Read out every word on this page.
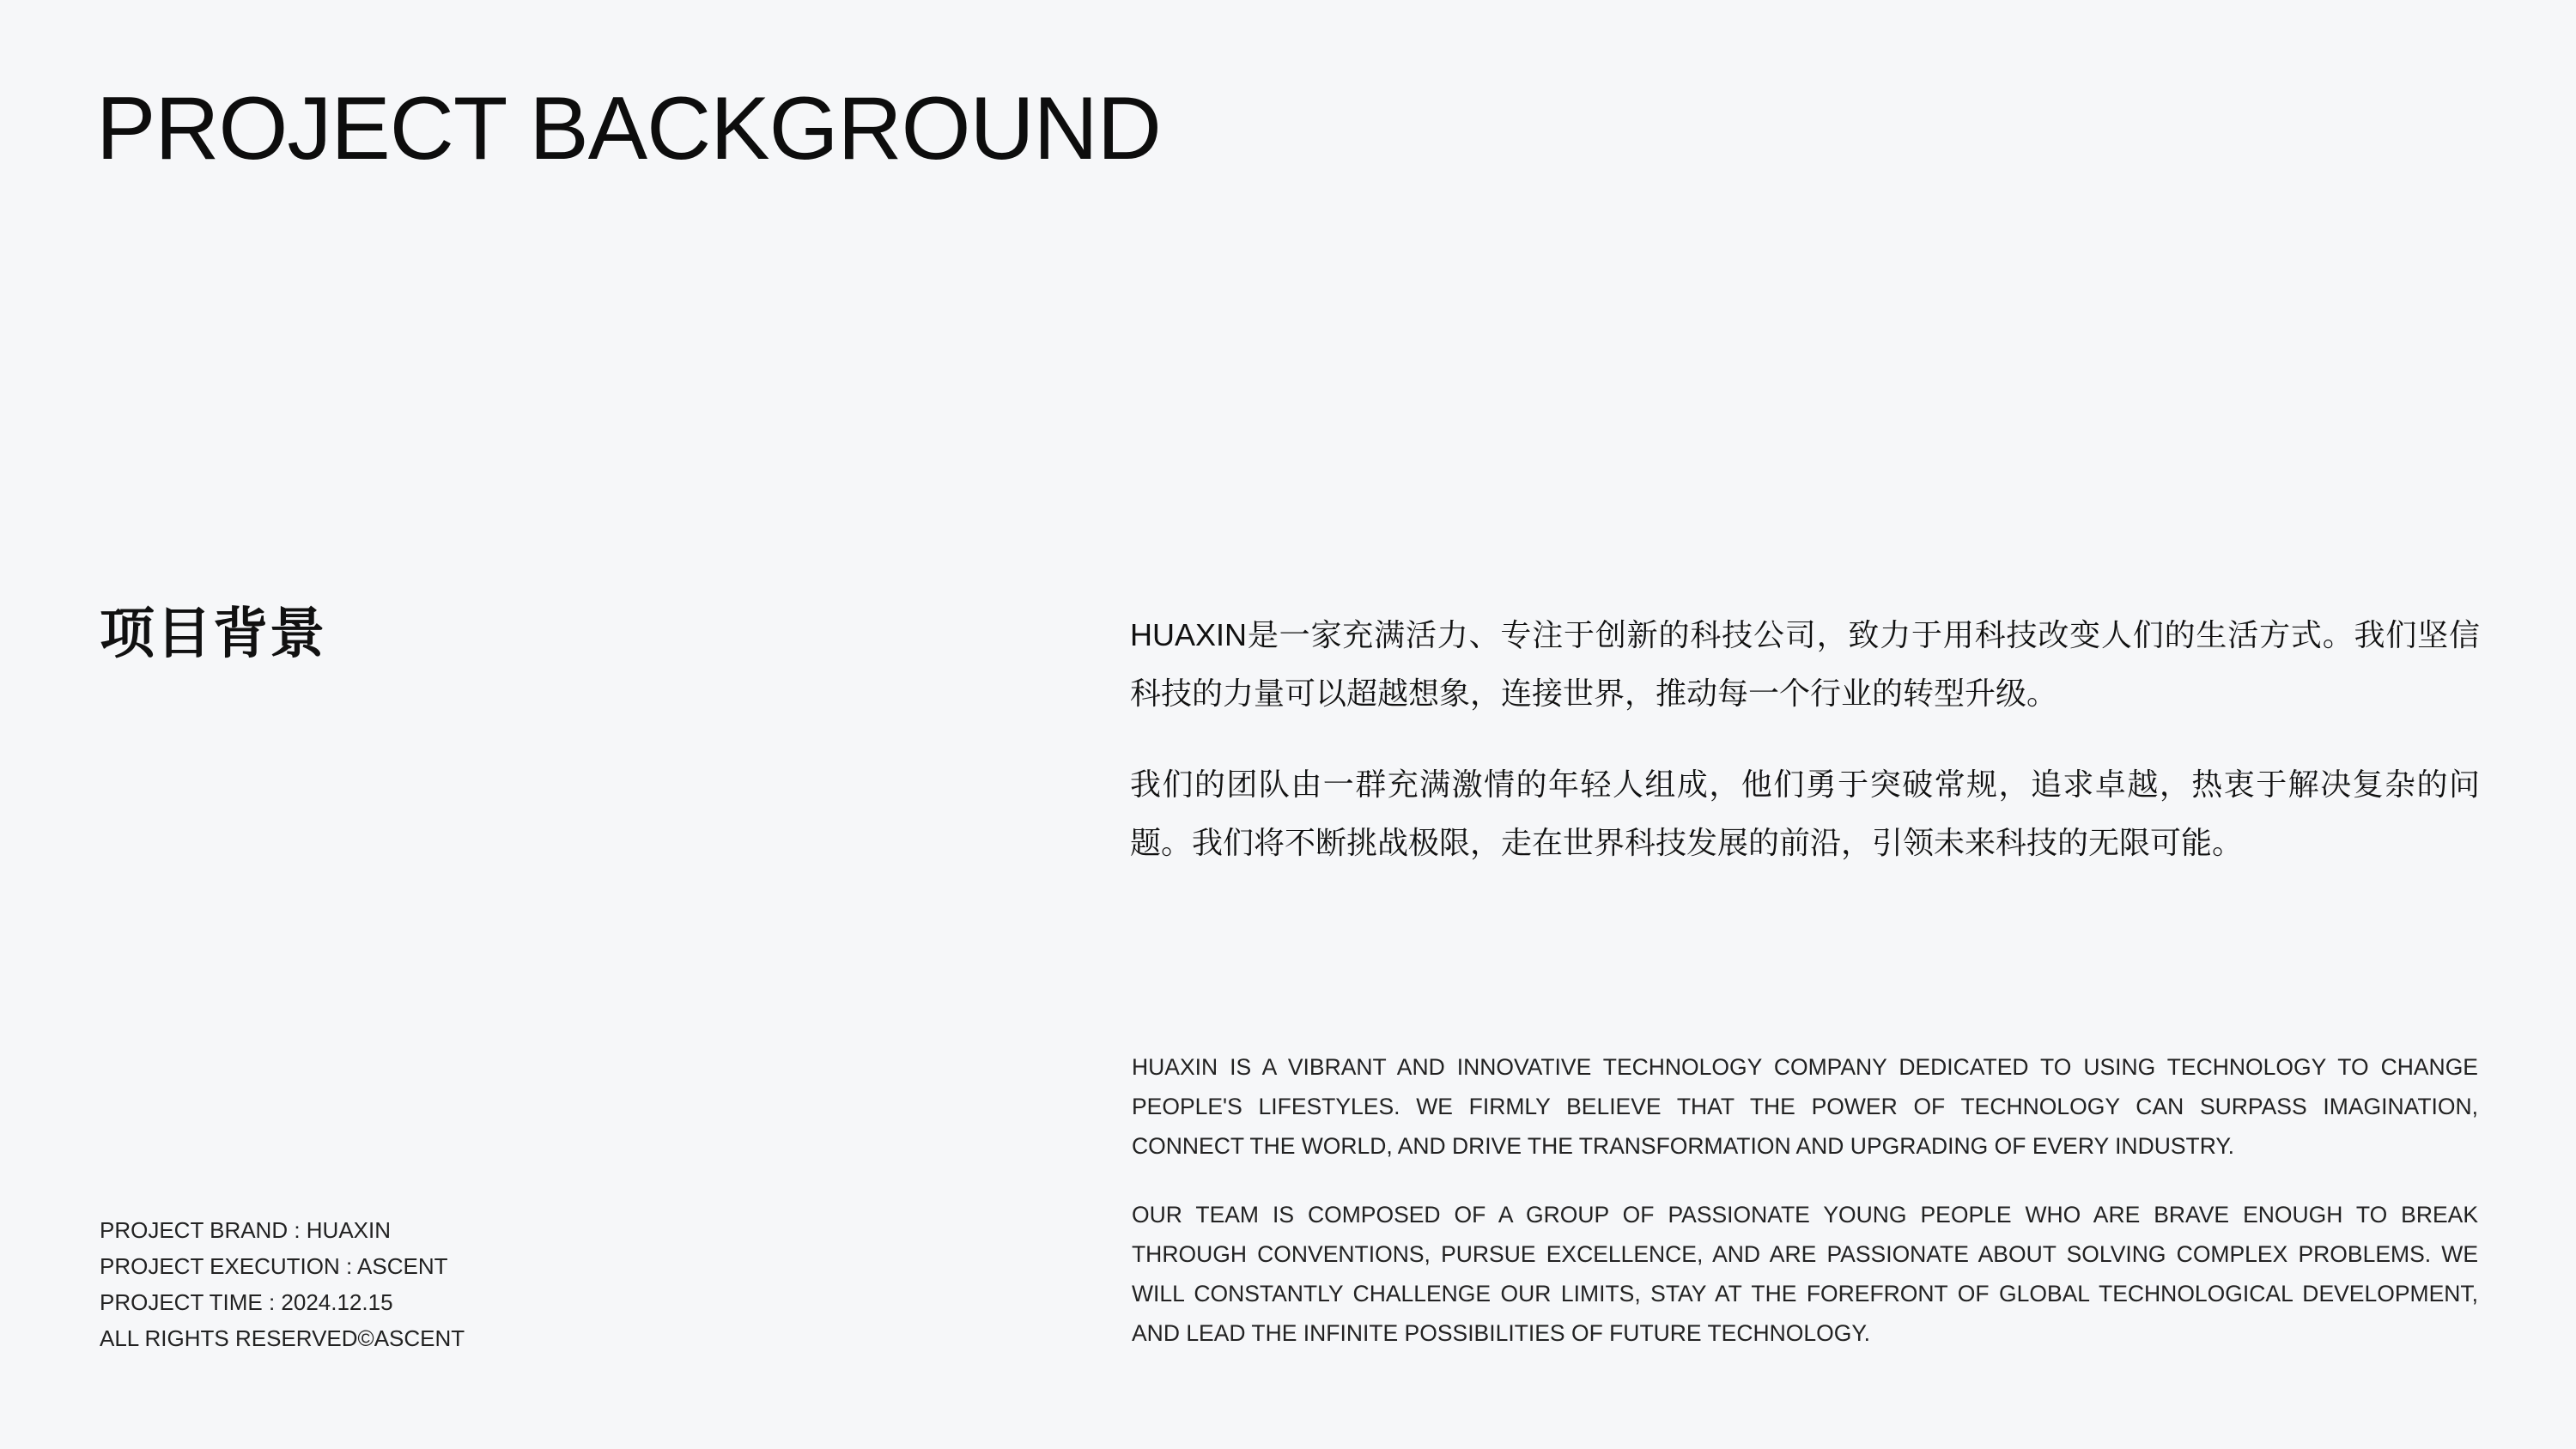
PROJECT BACKGROUND
项目背景	HUAXIN是一家充满活力、专注于创新的科技公司，致力于用科技改变人们的生活方式。我们坚信科技的力量可以超越想象，连接世界，推动每一个行业的转型升级。

我们的团队由一群充满激情的年轻人组成，他们勇于突破常规，追求卓越，热衷于解决复杂的问题。我们将不断挑战极限，走在世界科技发展的前沿，引领未来科技的无限可能。

HUAXIN IS A VIBRANT AND INNOVATIVE TECHNOLOGY COMPANY DEDICATED TO USING TECHNOLOGY TO CHANGE PEOPLE'S LIFESTYLES. WE FIRMLY BELIEVE THAT THE POWER OF TECHNOLOGY CAN SURPASS IMAGINATION, CONNECT THE WORLD, AND DRIVE THE TRANSFORMATION AND UPGRADING OF EVERY INDUSTRY.

OUR TEAM IS COMPOSED OF A GROUP OF PASSIONATE YOUNG PEOPLE WHO ARE BRAVE ENOUGH TO BREAK THROUGH CONVENTIONS, PURSUE EXCELLENCE, AND ARE PASSIONATE ABOUT SOLVING COMPLEX PROBLEMS. WE WILL CONSTANTLY CHALLENGE OUR LIMITS, STAY AT THE FOREFRONT OF GLOBAL TECHNOLOGICAL DEVELOPMENT, AND LEAD THE INFINITE POSSIBILITIES OF FUTURE TECHNOLOGY.

PROJECT BRAND : HUAXIN
PROJECT EXECUTION : ASCENT
PROJECT TIME : 2024.12.15
ALL RIGHTS RESERVED©ASCENT
